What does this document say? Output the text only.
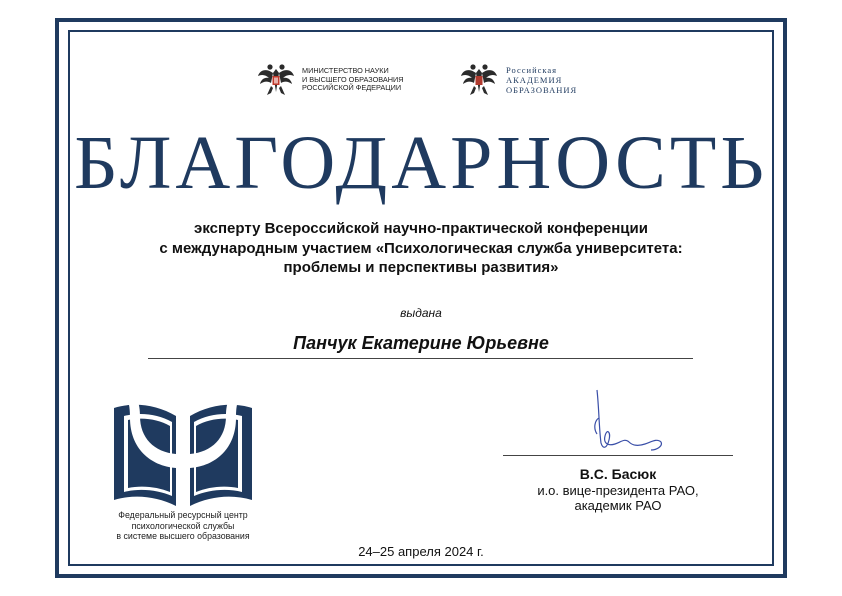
МИНИСТЕРСТВО НАУКИ
И ВЫСШЕГО ОБРАЗОВАНИЯ
РОССИЙСКОЙ ФЕДЕРАЦИИ
Российская
АКАДЕМИЯ
ОБРАЗОВАНИЯ
БЛАГОДАРНОСТЬ
эксперту Всероссийской научно-практической конференции
с международным участием «Психологическая служба университета:
проблемы и перспективы развития»
выдана
Панчук Екатерине Юрьевне
Федеральный ресурсный центр
психологической службы
в системе высшего образования
В.С. Басюк
и.о. вице-президента РАО,
академик РАО
24–25 апреля 2024 г.
